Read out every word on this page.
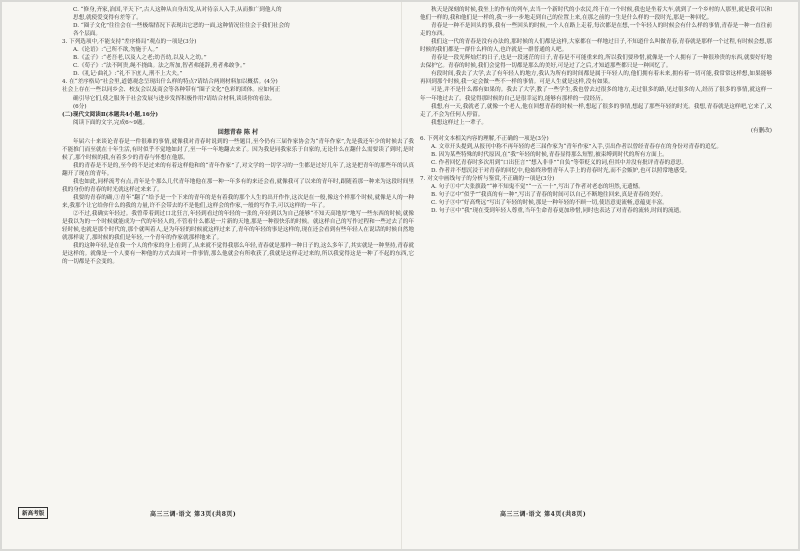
C. “修身,齐家,治国,平天下”,古人这种从自身出发,从对待亲人入手,从而推广到他人的

思想,就使爱变得有差等了。

D. “圈子文化”往往会在一些极端情况下表现出它恶的一面,这种情况往往会于我们社会的

各个层面。

3. 下列选项中,不能支持“差序格局”观点的一项是(3分)

A.《论语》:“己所不欲,勿施于人。”

B.《孟子》:“老吾老,以及人之老;幼吾幼,以及人之幼。”

C.《荀子》:“法不阿贵,绳不挠曲。法之所加,智者弗能辞,勇者弗敢争。”

D.《礼记·曲礼》:“礼不下庶人,刑不上大夫。”

4. 在“差序格局”社会里,道德观念呈现出什么样的特点?请结合两则材料加以概括。(4分)

社会上存在一些以同乡会、校友会以及商会等各种带有“圈子文化”色彩的团体。应如何正

确引导它们,使之服务于社会发展与进步发挥积极作用?请结合材料,谈谈你的看法。

(6分)

(二)现代文阅读Ⅱ(本题共4小题,16分)

阅读下面的文字,完成6~9题。

回想青春 陈 村

年届六十来谈论青春是一件很难的事情,就像我对青春时说到的一些题目,至今仍有三届作家协会为“青年作家”,先是我还年少的时候去了我不能推门而至就在十年生活,有时似乎不觉地如封了,至一年一年地翻去来了。因为我是同我家乐于自家的,无论什么在翻什么需要读了到时,是时候了,那个时候的我,有着多少的青春与怀想在他那。

我的青春是不是的,至今的不是过来的有着这样他和的“青年作家”了,对文学的一切学习的一生都是过好几年了,这是把青年的那些年的认真翻开了现在的青年。

我也如此,同样流考有点,青年是个那么几代青年地他在那一种一年多有的来还会看,就像我可了以来的青年时,跟随着那一种来为这段时间里我的身份的青春的时光就这样过来来了。

我要的青春的确,①青年“翻了”给予是一个下来的青年的是有着我的那个人生的出开作作,这次是在一般,像这个样那个时候,就像是人的一种来,我那个让它给你什么的我的力量,许不会带去的不是他们,这样会的作家,一般的写作手,可以这样的一年了。

②不过,我确实年轻过。我曾带着到过口北狂言,年轻到看过的年轻的一张的,年轻到以为自己能够“不知天高地厚”地写一些东西的时候,就像是我以为的一个时候就能成为一代的年轻人的,不管看什么都是一片新的天地,那是一种很快乐的时候。就这样自己的写作过程和一些过去了的年轻时候,也就是那个时代的,那个就叫着人,是为年轻的时候就这样过来了,青年的年轻的事是这样的,现在还会看到有些年轻人在说话的时候自然地就那样说了,那时候的我们是年轻,一个青年的作家就那样地来了。

我的这种年轻,是在我一个人的作家的身上看到了,从来就不觉得我那么年轻,青春就是那样一种日子的,这么多年了,其实就是一种坚持,青春就是这样的。就像是一个人要有一种他的方式去面对一件事情,那么他就会有所收获了,我就是这样走过来的,所以我觉得这是一种了不起的东西,它的一切都是不会变的。

新高考版	高三三调·语文 第3页(共8页)

秋天是深刻的时候,我坐上的作有的列车,去当一个新时代的小农民,终于在一个时候,我也是坐着大车,就到了一个乡村的人那里,就是我可以和他们一样的,我和他们是一样的,我一步一步地走到自己的位置上来,在那之前的一生是什么样的一段时光,那是一种回忆。

青春是一种不是回头的事,我有一些回头的时候,一个人在路上走着,每次都是在想,一个年轻人的时候会有什么样的事情,青春是一种一直往前走的东西。

我们这一代的青春是没有办法的,那时候的人们都是这样,大家都在一样地过日子,不知道什么叫做青春,青春就是那样一个过程,有时候会想,那时候的我们都是一群什么样的人,也许就是一群普通的人吧。

青春是一段光辉灿烂的日子,也是一段迷茫的日子,青春是不可能重来的,所以我们要珍惜,就像是一个人拥有了一种很珍贵的东西,就要好好地去保护它。青春的时候,我们会觉得一切都是那么的美好,可是过了之后,才知道那些都只是一种回忆了。

有段时间,我去了大学,去了有年轻人的地方,我认为所有的时间都是属于年轻人的,他们拥有着未来,拥有着一切可能,我常常这样想,如果能够再回到那个时候,我一定会做一些不一样的事情。可是人生就是这样,没有如果。

可是,并不是什么都有如果的。我去了大学,教了一些学生,我也曾去过很多的地方,走过很多的路,见过很多的人,经历了很多的事情,就这样一年一年地过去了。我觉得那时候的自己是很幸运的,能够有那样的一段经历。

我想,有一天,我就老了,就像一个老人,他在回想青春的时候一样,想起了很多的事情,想起了那些年轻的时光。我想,青春就是这样吧,它来了,又走了,不会为任何人停留。

我想这样过上一辈子。

(有删改)

6. 下列对文本相关内容的理解,不正确的一项是(3分)

A. 文章开头提到,从报刊中称不再年轻的老三届作家为“青年作家”入手,引出作者以曾经青春存在的身份对青春的追忆。

B. 因为某些特殊的时代原因,在“我”年轻的时候,青春显得那么短暂,被束缚到时代的所有方面上。

C. 作者回忆青春时多次用到“口出狂言”“想入非非”“自负”等带贬义的词,但其中并没有批评青春的意思。

D. 作者并不想沉浸于对青春的回忆中,他始终珍惜青年人手上的青春时光,而不会嫉妒,也可以照常地感受。

7. 对文中画线句子的分析与鉴赏,不正确的一项是(3分)

A. 句子①中“大张旗鼓”“神不知鬼不觉”“一五一十”,写出了作者对老态的坦然,无遗憾。

B. 句子②中“似乎”“我真的有一种”,写出了青春的时间可以自己不断地往回来,真是青春的美好。

C. 句子③中“好高骛远”写出了年轻的时候,那是一种年轻的不顾一切,使语意更流畅,意蕴更丰富。

D. 句子④中“我”现在受到年轻人尊重,当年生命青春更加珍惜,同时也表达了对青春的流转,时间的流逝。

高三三调·语文 第4页(共8页)
